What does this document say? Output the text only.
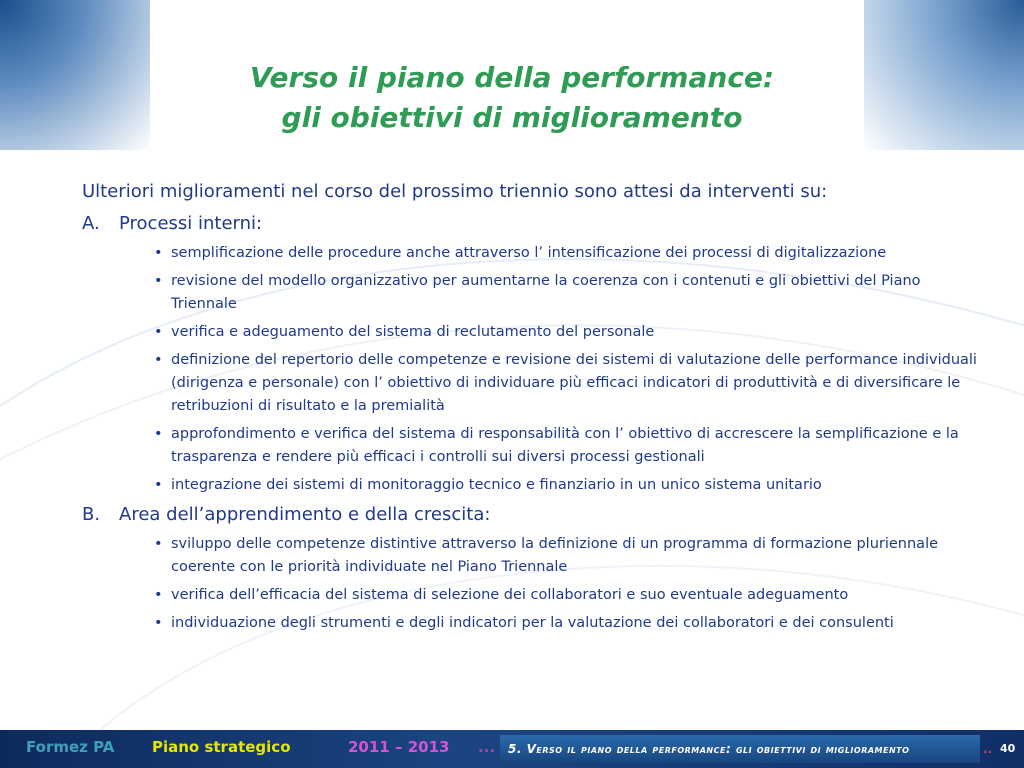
Verso il piano della performance:
gli obiettivi di miglioramento

Ulteriori miglioramenti nel corso del prossimo triennio sono attesi da interventi su:

A.	Processi interni:
• semplificazione delle procedure anche attraverso l’ intensificazione dei processi di digitalizzazione
• revisione del modello organizzativo per aumentarne la coerenza con i contenuti e gli obiettivi del Piano Triennale
• verifica e adeguamento del sistema di reclutamento del personale
• definizione del repertorio delle competenze e revisione dei sistemi di valutazione delle performance individuali (dirigenza e personale) con l’ obiettivo di individuare più efficaci indicatori di produttività e di diversificare le retribuzioni di risultato e la premialità
• approfondimento e verifica del sistema di responsabilità con l’ obiettivo di accrescere la semplificazione e la trasparenza e rendere più efficaci i controlli sui diversi processi gestionali
• integrazione dei sistemi di monitoraggio tecnico e finanziario in un unico sistema unitario
B.	Area dell’apprendimento e della crescita:
• sviluppo delle competenze distintive attraverso la definizione di un programma di formazione pluriennale coerente con le priorità individuate nel Piano Triennale
• verifica dell’efficacia del sistema di selezione dei collaboratori e suo eventuale adeguamento
• individuazione degli strumenti e degli indicatori per la valutazione dei collaboratori e dei consulenti
Formez PA	Piano strategico	2011 – 2013 ...	5. Verso il piano della performance: gli obiettivi di miglioramento	.. 40
